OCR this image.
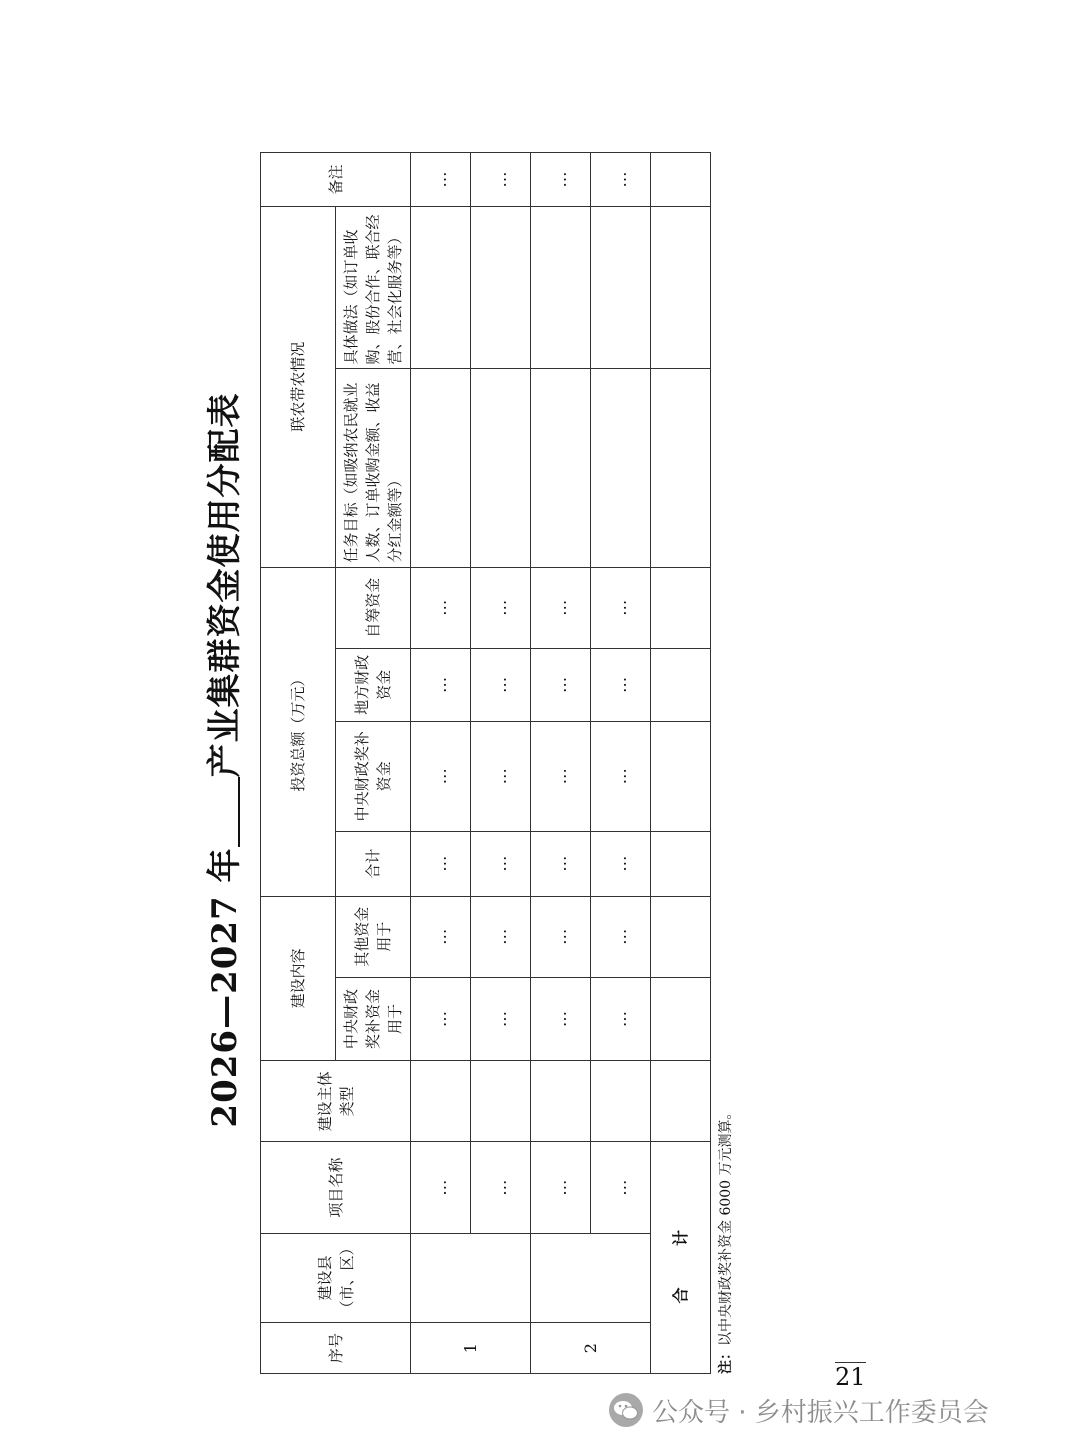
2026—2027 年产业集群资金使用分配表
序号	建设县（市、区）	项目名称	建设主体类型	建设内容		投资总额（万元）				联农带农情况		备注
				中央财政奖补资金用于	其他资金用于	合计	中央财政奖补资金	地方财政资金	自筹资金	任务目标（如吸纳农民就业人数、订单收购金额、收益分红金额等）	具体做法（如订单收购、股份合作、联合经营、社会化服务等）	
1		…		…	…	…	…	…	…			…
		…		…	…	…	…	…	…			…
2		…		…	…	…	…	…	…			…
		…		…	…	…	…	…	…			…
合 计												
注：以中央财政奖补资金 6000 万元测算。
21
公众号 · 乡村振兴工作委员会
